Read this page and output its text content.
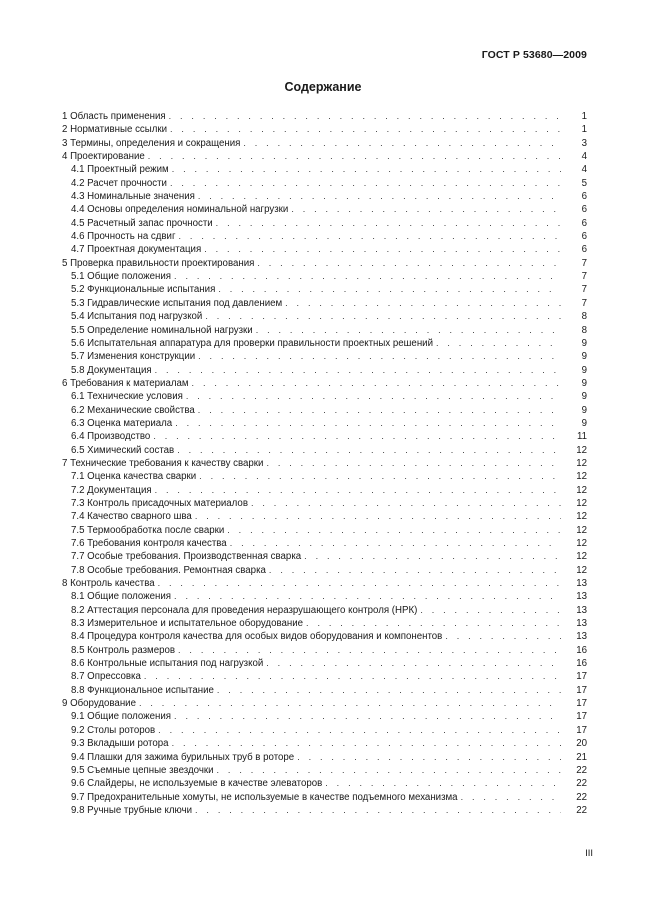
ГОСТ Р 53680—2009
Содержание
1 Область применения . . .	1
2 Нормативные ссылки . . .	1
3 Термины, определения и сокращения . . .	3
4 Проектирование . . .	4
4.1 Проектный режим . . .	4
4.2 Расчет прочности . . .	5
4.3 Номинальные значения . . .	6
4.4 Основы определения номинальной нагрузки . . .	6
4.5 Расчетный запас прочности . . .	6
4.6 Прочность на сдвиг . . .	6
4.7 Проектная документация . . .	6
5 Проверка правильности проектирования . . .	7
5.1 Общие положения . . .	7
5.2 Функциональные испытания . . .	7
5.3 Гидравлические испытания под давлением . . .	7
5.4 Испытания под нагрузкой . . .	8
5.5 Определение номинальной нагрузки . . .	8
5.6 Испытательная аппаратура для проверки правильности проектных решений . . .	9
5.7 Изменения конструкции . . .	9
5.8 Документация . . .	9
6 Требования к материалам . . .	9
6.1 Технические условия . . .	9
6.2 Механические свойства . . .	9
6.3 Оценка материала . . .	9
6.4 Производство . . .	11
6.5 Химический состав . . .	12
7 Технические требования к качеству сварки . . .	12
7.1 Оценка качества сварки . . .	12
7.2 Документация . . .	12
7.3 Контроль присадочных материалов . . .	12
7.4 Качество сварного шва . . .	12
7.5 Термообработка после сварки . . .	12
7.6 Требования контроля качества . . .	12
7.7 Особые требования. Производственная сварка . . .	12
7.8 Особые требования. Ремонтная сварка . . .	12
8 Контроль качества . . .	13
8.1 Общие положения . . .	13
8.2 Аттестация персонала для проведения неразрушающего контроля (НРК) . . .	13
8.3 Измерительное и испытательное оборудование . . .	13
8.4 Процедура контроля качества для особых видов оборудования и компонентов . . .	13
8.5 Контроль размеров . . .	16
8.6 Контрольные испытания под нагрузкой . . .	16
8.7 Опрессовка . . .	17
8.8 Функциональное испытание . . .	17
9 Оборудование . . .	17
9.1 Общие положения . . .	17
9.2 Столы роторов . . .	17
9.3 Вкладыши ротора . . .	20
9.4 Плашки для зажима бурильных труб в роторе . . .	21
9.5 Съемные цепные звездочки . . .	22
9.6 Слайдеры, не используемые в качестве элеваторов . . .	22
9.7 Предохранительные хомуты, не используемые в качестве подъемного механизма . . .	22
9.8 Ручные трубные ключи . . .	22
III
